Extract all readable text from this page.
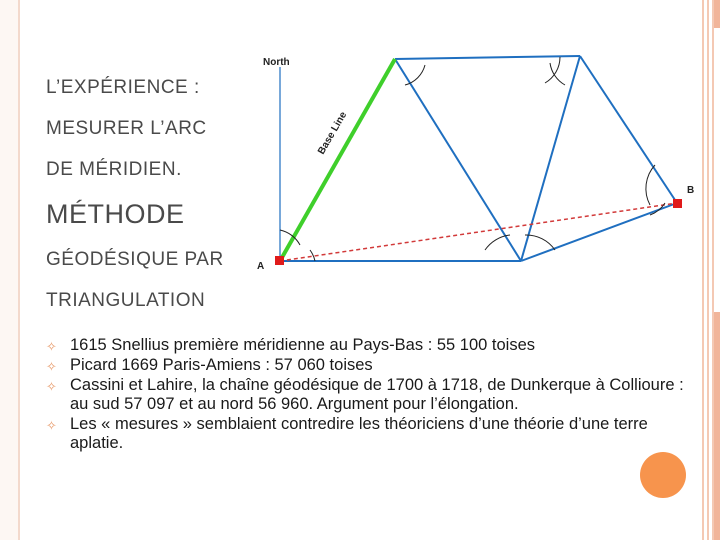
L’EXPÉRIENCE :
MESURER L’ARC
DE MÉRIDIEN.
MÉTHODE
GÉODÉSIQUE PAR
TRIANGULATION
North
Base Line
A
B
✧ 1615 Snellius première méridienne au Pays-Bas : 55 100 toises
✧ Picard 1669 Paris-Amiens : 57 060 toises
✧ Cassini et Lahire, la chaîne géodésique de 1700 à 1718, de Dunkerque à Collioure : au sud 57 097 et au nord 56 960. Argument pour l’élongation.
✧ Les « mesures » semblaient contredire les théoriciens d’une théorie d’une terre aplatie.
